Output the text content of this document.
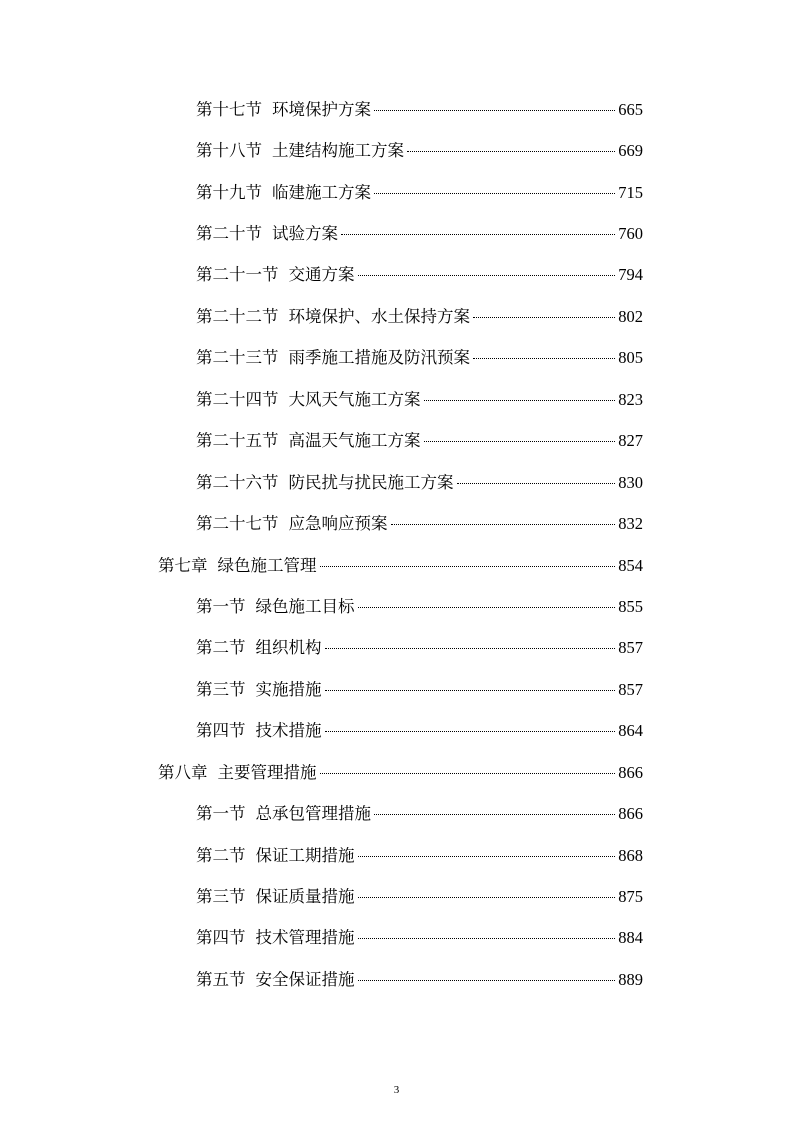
第十七节 环境保护方案	665
第十八节 土建结构施工方案	669
第十九节 临建施工方案	715
第二十节 试验方案	760
第二十一节 交通方案	794
第二十二节 环境保护、水土保持方案	802
第二十三节 雨季施工措施及防汛预案	805
第二十四节 大风天气施工方案	823
第二十五节 高温天气施工方案	827
第二十六节 防民扰与扰民施工方案	830
第二十七节 应急响应预案	832
第七章 绿色施工管理	854
第一节 绿色施工目标	855
第二节 组织机构	857
第三节 实施措施	857
第四节 技术措施	864
第八章 主要管理措施	866
第一节 总承包管理措施	866
第二节 保证工期措施	868
第三节 保证质量措施	875
第四节 技术管理措施	884
第五节 安全保证措施	889
3
